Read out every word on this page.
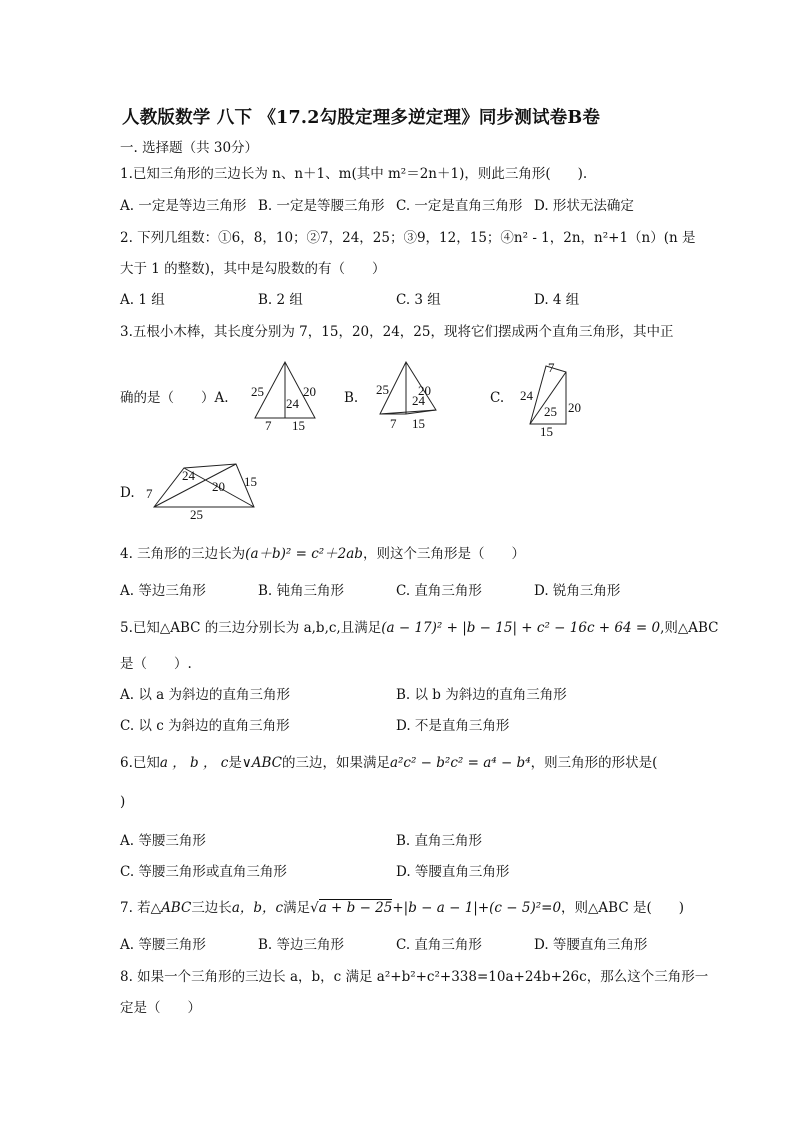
人教版数学 八下 《17.2勾股定理多逆定理》同步测试卷B卷
一. 选择题（共 30分）
1.已知三角形的三边长为 n、n＋1、m(其中 m²＝2n＋1)，则此三角形(　　).
A. 一定是等边三角形 B. 一定是等腰三角形 C. 一定是直角三角形 D. 形状无法确定
2. 下列几组数：①6，8，10；②7，24，25；③9，12，15；④n² - 1，2n，n²+1（n）(n 是
大于 1 的整数)，其中是勾股数的有（　　）
A. 1 组	B. 2 组	C. 3 组	D. 4 组
3.五根小木棒，其长度分别为 7，15，20，24，25，现将它们摆成两个直角三角形，其中正
确的是（　　）A. 25
24
20
7 15
B.
25
24
20
7 15
C.
7
24
25 20
15
D.
24
7	20 15
25
4. 三角形的三边长为(a＋b)² = c²＋2ab，则这个三角形是（　　）
A. 等边三角形	B. 钝角三角形	C. 直角三角形	D. 锐角三角形
5.已知△ABC 的三边分别长为 a,b,c,且满足(a − 17)² + |b − 15| + c² − 16c + 64 = 0,则△ABC
是（　　）.
A. 以 a 为斜边的直角三角形	B. 以 b 为斜边的直角三角形
C. 以 c 为斜边的直角三角形	D. 不是直角三角形
6.已知a ， b ， c是∨ABC的三边，如果满足a²c² − b²c² = a⁴ − b⁴，则三角形的形状是(
)
A. 等腰三角形	B. 直角三角形
C. 等腰三角形或直角三角形	D. 等腰直角三角形
7. 若△ABC三边长a，b，c满足√a + b − 25+|b − a − 1|+(c − 5)²=0，则△ABC 是(　　)
A. 等腰三角形	B. 等边三角形	C. 直角三角形	D. 等腰直角三角形
8. 如果一个三角形的三边长 a，b，c 满足 a²+b²+c²+338=10a+24b+26c，那么这个三角形一
定是（　　）
